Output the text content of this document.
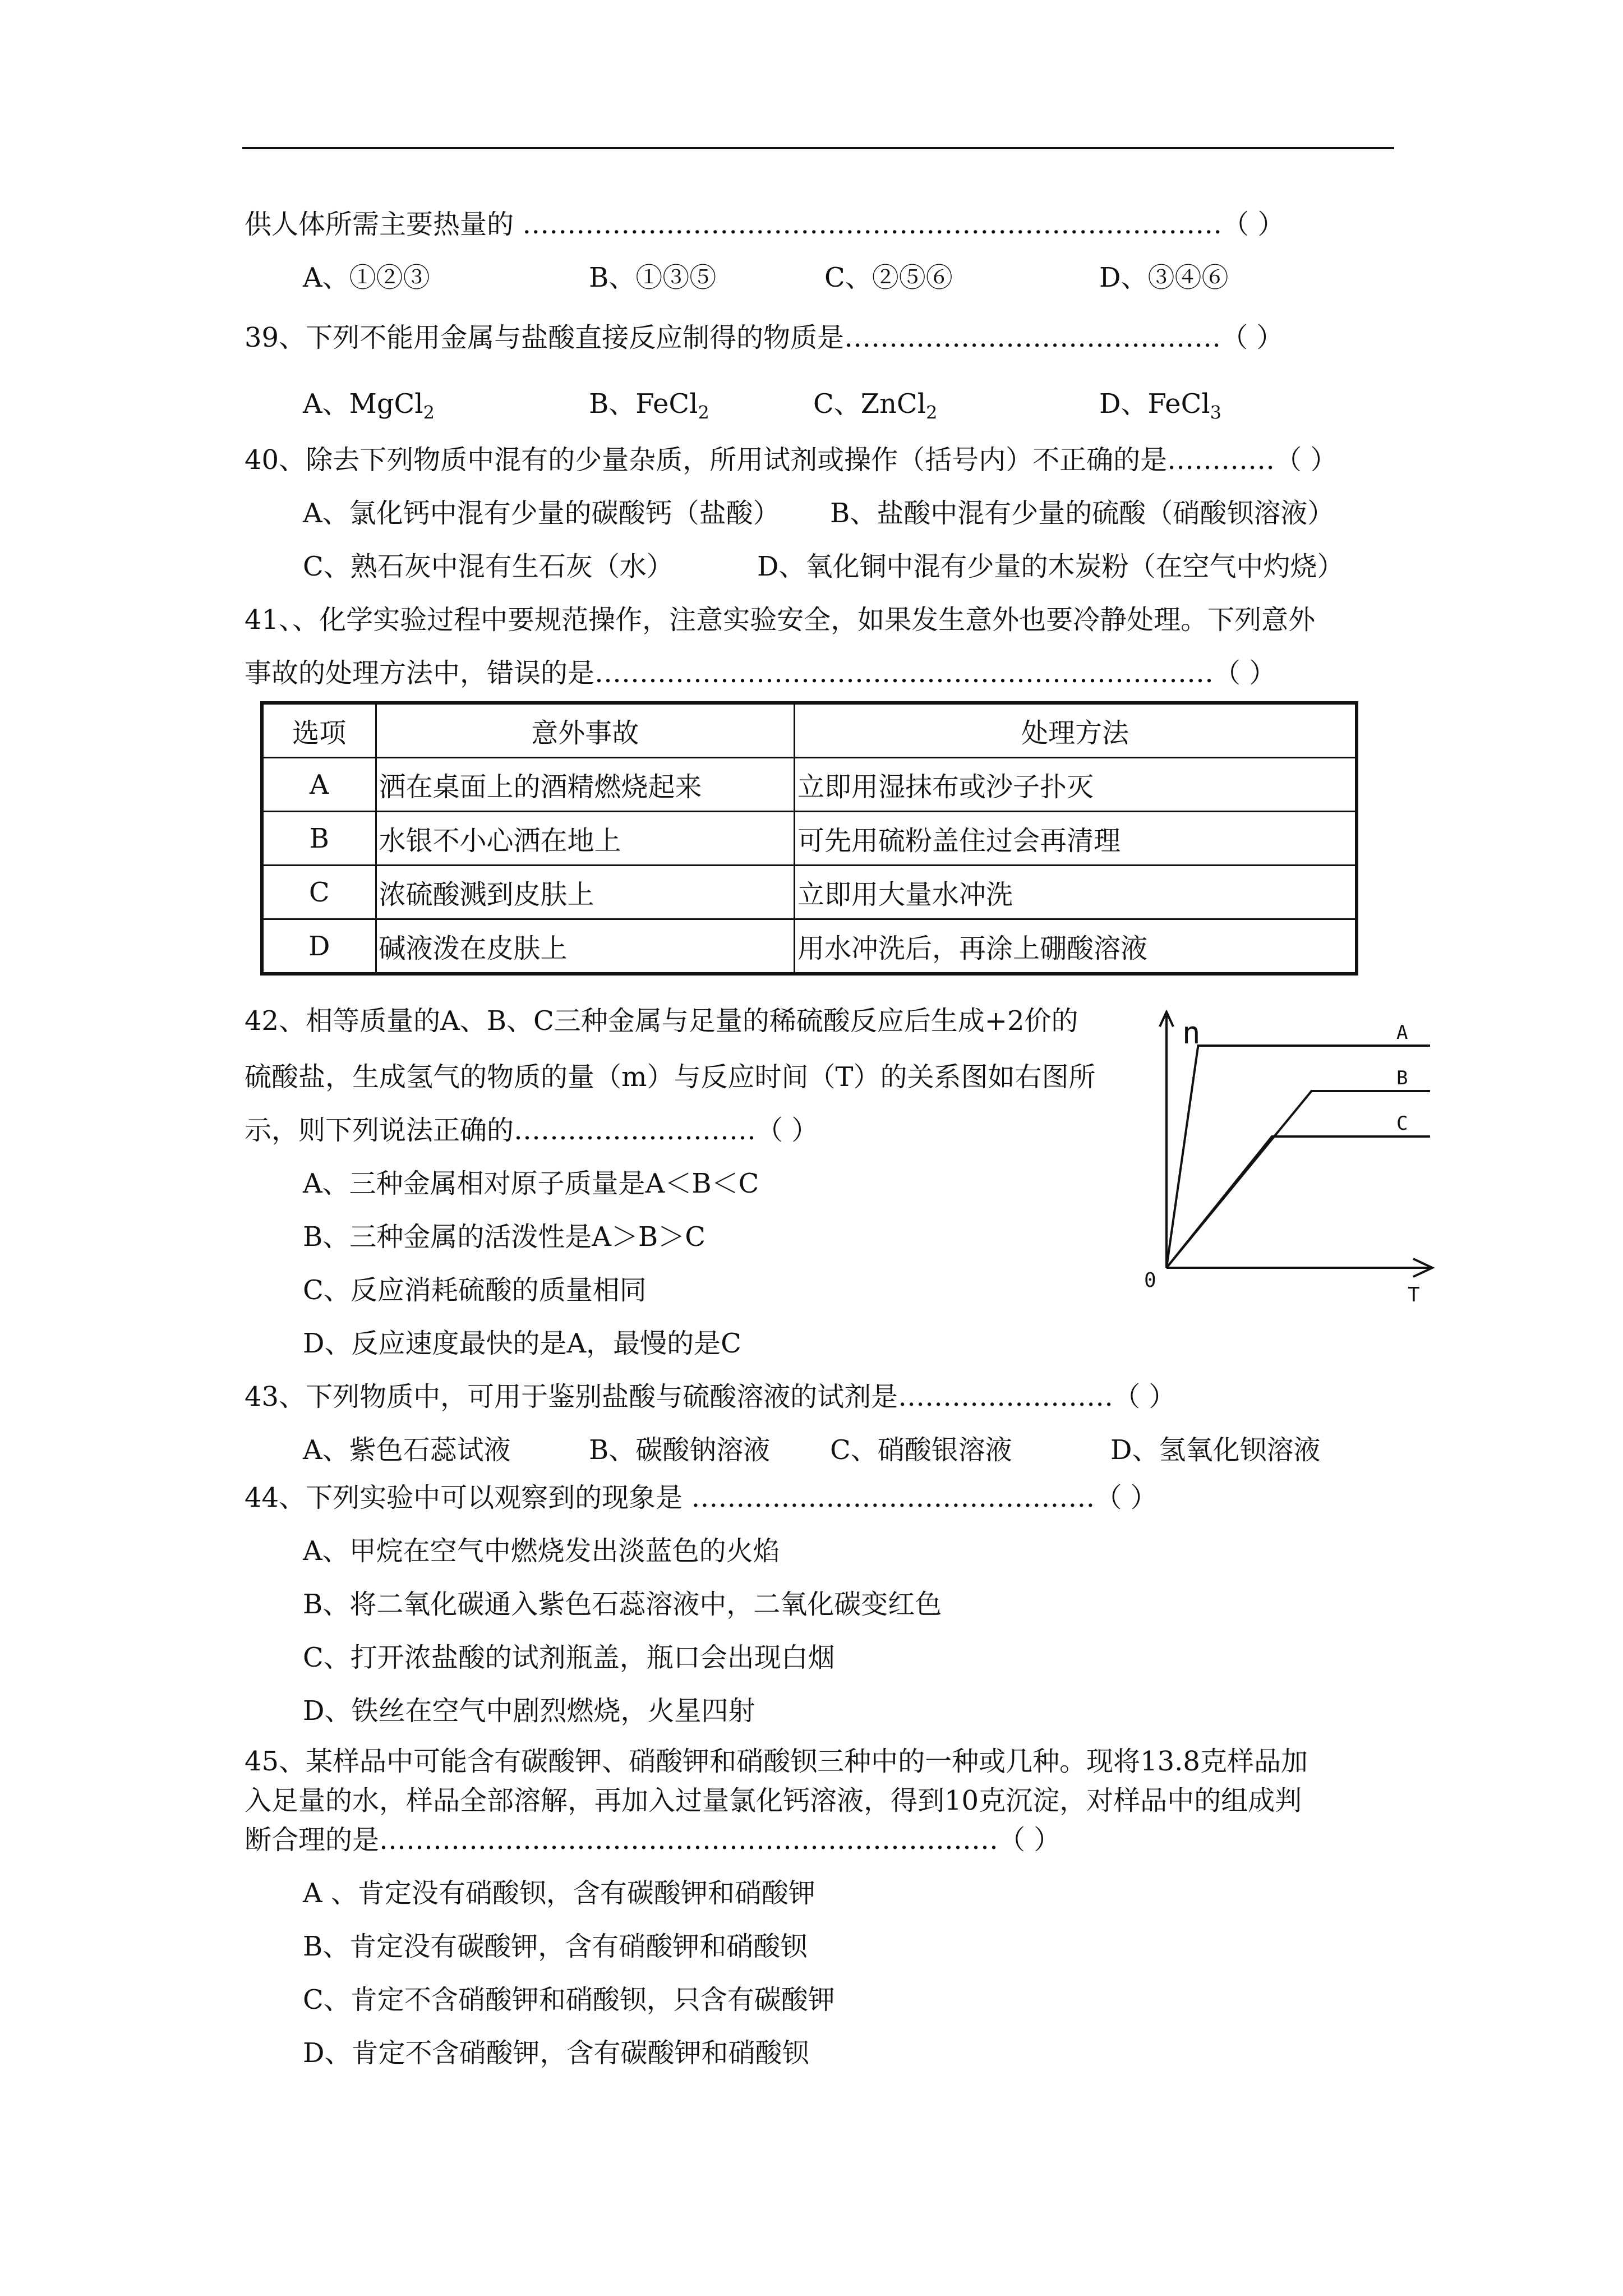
供人体所需主要热量的 ……………………………………………………………………（ ）
A、①②③	B、①③⑤	C、②⑤⑥	D、③④⑥
39、下列不能用金属与盐酸直接反应制得的物质是……………………………………（ ）
A、MgCl$_2$	B、FeCl$_2$	C、ZnCl$_2$	D、FeCl$_3$
40、除去下列物质中混有的少量杂质，所用试剂或操作（括号内）不正确的是…………（ ）
A、氯化钙中混有少量的碳酸钙（盐酸） B、盐酸中混有少量的硫酸（硝酸钡溶液）
C、熟石灰中混有生石灰（水）	D、氧化铜中混有少量的木炭粉（在空气中灼烧）
41、、化学实验过程中要规范操作，注意实验安全，如果发生意外也要冷静处理。下列意外
事故的处理方法中，错误的是……………………………………………………………（ ）
选项	意外事故	处理方法
A	洒在桌面上的酒精燃烧起来	立即用湿抹布或沙子扑灭
B	水银不小心洒在地上	可先用硫粉盖住过会再清理
C	浓硫酸溅到皮肤上	立即用大量水冲洗
D	碱液泼在皮肤上	用水冲洗后，再涂上硼酸溶液
42、相等质量的A、B、C三种金属与足量的稀硫酸反应后生成+2价的
硫酸盐，生成氢气的物质的量（m）与反应时间（T）的关系图如右图所
示，则下列说法正确的………………………（ ）
A、三种金属相对原子质量是A＜B＜C
B、三种金属的活泼性是A＞B＞C
C、反应消耗硫酸的质量相同
D、反应速度最快的是A，最慢的是C
n
T
0
A
B
C
43、下列物质中，可用于鉴别盐酸与硫酸溶液的试剂是……………………（ ）
A、紫色石蕊试液	B、碳酸钠溶液 C、硝酸银溶液	D、氢氧化钡溶液
44、下列实验中可以观察到的现象是 ………………………………………（ ）
A、甲烷在空气中燃烧发出淡蓝色的火焰
B、将二氧化碳通入紫色石蕊溶液中，二氧化碳变红色
C、打开浓盐酸的试剂瓶盖，瓶口会出现白烟
D、铁丝在空气中剧烈燃烧，火星四射
45、某样品中可能含有碳酸钾、硝酸钾和硝酸钡三种中的一种或几种。现将13.8克样品加
入足量的水，样品全部溶解，再加入过量氯化钙溶液，得到10克沉淀，对样品中的组成判
断合理的是……………………………………………………………（ ）
A 、肯定没有硝酸钡，含有碳酸钾和硝酸钾
B、肯定没有碳酸钾，含有硝酸钾和硝酸钡
C、肯定不含硝酸钾和硝酸钡，只含有碳酸钾
D、肯定不含硝酸钾，含有碳酸钾和硝酸钡
